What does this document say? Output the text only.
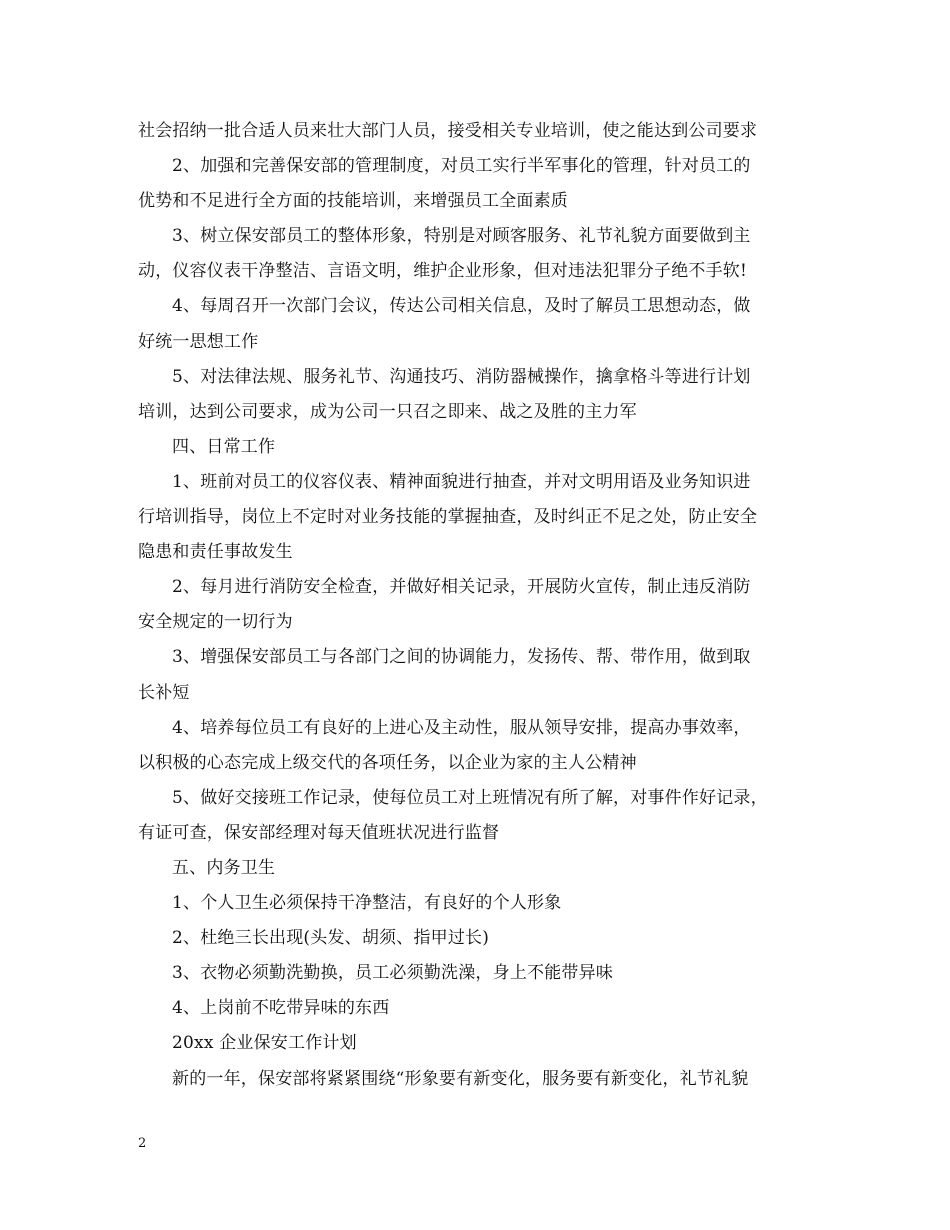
社会招纳一批合适人员来壮大部门人员，接受相关专业培训，使之能达到公司要求
2、加强和完善保安部的管理制度，对员工实行半军事化的管理，针对员工的
优势和不足进行全方面的技能培训，来增强员工全面素质
3、树立保安部员工的整体形象，特别是对顾客服务、礼节礼貌方面要做到主
动，仪容仪表干净整洁、言语文明，维护企业形象，但对违法犯罪分子绝不手软!
4、每周召开一次部门会议，传达公司相关信息，及时了解员工思想动态，做
好统一思想工作
5、对法律法规、服务礼节、沟通技巧、消防器械操作，擒拿格斗等进行计划
培训，达到公司要求，成为公司一只召之即来、战之及胜的主力军
四、日常工作
1、班前对员工的仪容仪表、精神面貌进行抽查，并对文明用语及业务知识进
行培训指导，岗位上不定时对业务技能的掌握抽查，及时纠正不足之处，防止安全
隐患和责任事故发生
2、每月进行消防安全检查，并做好相关记录，开展防火宣传，制止违反消防
安全规定的一切行为
3、增强保安部员工与各部门之间的协调能力，发扬传、帮、带作用，做到取
长补短
4、培养每位员工有良好的上进心及主动性，服从领导安排，提高办事效率，
以积极的心态完成上级交代的各项任务，以企业为家的主人公精神
5、做好交接班工作记录，使每位员工对上班情况有所了解，对事件作好记录，
有证可查，保安部经理对每天值班状况进行监督
五、内务卫生
1、个人卫生必须保持干净整洁，有良好的个人形象
2、杜绝三长出现(头发、胡须、指甲过长)
3、衣物必须勤洗勤换，员工必须勤洗澡，身上不能带异味
4、上岗前不吃带异味的东西
20xx 企业保安工作计划
新的一年，保安部将紧紧围绕“形象要有新变化，服务要有新变化，礼节礼貌
2
